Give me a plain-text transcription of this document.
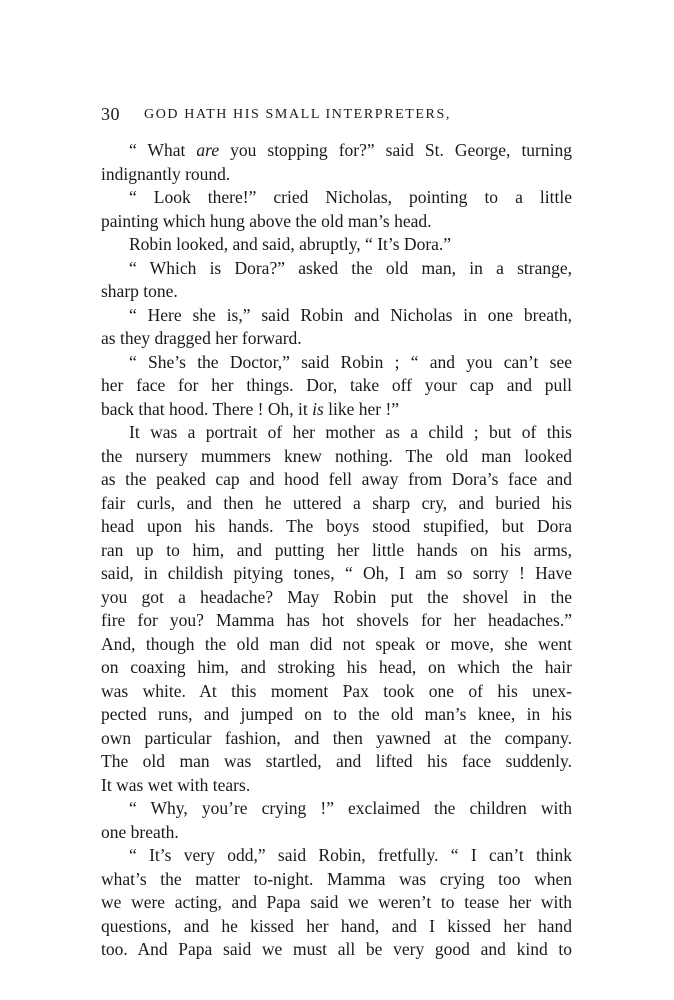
30 GOD HATH HIS SMALL INTERPRETERS,
“ What are you stopping for?” said St. George, turning
indignantly round.
“ Look there!” cried Nicholas, pointing to a little
painting which hung above the old man’s head.
Robin looked, and said, abruptly, “ It’s Dora.”
“ Which is Dora?” asked the old man, in a strange,
sharp tone.
“ Here she is,” said Robin and Nicholas in one breath,
as they dragged her forward.
“ She’s the Doctor,” said Robin ; “ and you can’t see
her face for her things. Dor, take off your cap and pull
back that hood. There ! Oh, it is like her !”
It was a portrait of her mother as a child ; but of this
the nursery mummers knew nothing. The old man looked
as the peaked cap and hood fell away from Dora’s face and
fair curls, and then he uttered a sharp cry, and buried his
head upon his hands. The boys stood stupified, but Dora
ran up to him, and putting her little hands on his arms,
said, in childish pitying tones, “ Oh, I am so sorry ! Have
you got a headache? May Robin put the shovel in the
fire for you? Mamma has hot shovels for her headaches.”
And, though the old man did not speak or move, she went
on coaxing him, and stroking his head, on which the hair
was white. At this moment Pax took one of his unex-
pected runs, and jumped on to the old man’s knee, in his
own particular fashion, and then yawned at the company.
The old man was startled, and lifted his face suddenly.
It was wet with tears.
“ Why, you’re crying !” exclaimed the children with
one breath.
“ It’s very odd,” said Robin, fretfully. “ I can’t think
what’s the matter to-night. Mamma was crying too when
we were acting, and Papa said we weren’t to tease her with
questions, and he kissed her hand, and I kissed her hand
too. And Papa said we must all be very good and kind to
